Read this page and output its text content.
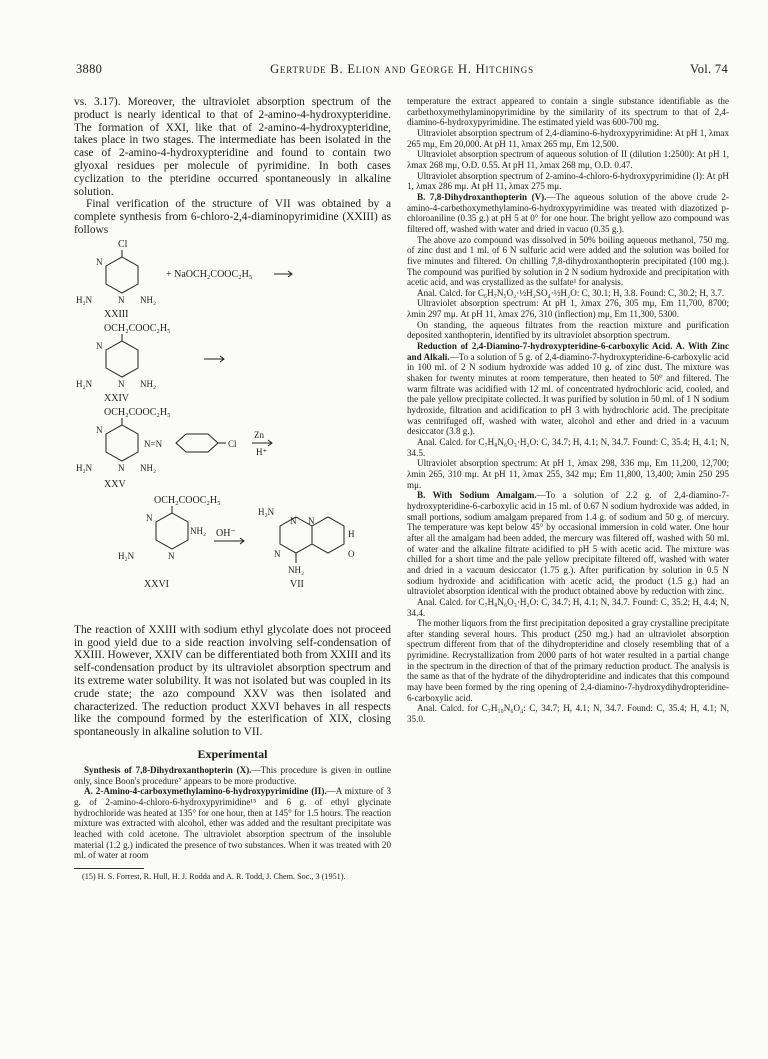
3880	Gertrude B. Elion and George H. Hitchings	Vol. 74

vs. 3.17). Moreover, the ultraviolet absorption spectrum of the product is nearly identical to that of 2-amino-4-hydroxypteridine. The formation of XXI, like that of 2-amino-4-hydroxypteridine, takes place in two stages. The intermediate has been isolated in the case of 2-amino-4-hydroxypteridine and found to contain two glyoxal residues per molecule of pyrimidine. In both cases cyclization to the pteridine occurred spontaneously in alkaline solution.

Final verification of the structure of VII was obtained by a complete synthesis from 6-chloro-2,4-diaminopyrimidine (XXIII) as follows

Cl
N
N
H₂N	NH₂
+ NaOCH₂COOC₂H₅
XXIII
OCH₂COOC₂H₅
N
N
H₂N	NH₂
XXIV
OCH₂COOC₂H₅
N
N
H₂N	NH₂
N=N	Cl
Zn
H⁺
XXV
OCH₂COOC₂H₅
N
N
NH₂
H₂N
OH⁻
XXVI
H₂N
N N
H
O
N
NH₂
VII

The reaction of XXIII with sodium ethyl glycolate does not proceed in good yield due to a side reaction involving self-condensation of XXIII. However, XXIV can be differentiated both from XXIII and its self-condensation product by its ultraviolet absorption spectrum and its extreme water solubility. It was not isolated but was coupled in its crude state; the azo compound XXV was then isolated and characterized. The reduction product XXVI behaves in all respects like the compound formed by the esterification of XIX, closing spontaneously in alkaline solution to VII.

Experimental

Synthesis of 7,8-Dihydroxanthopterin (X).—This procedure is given in outline only, since Boon's procedure⁷ appears to be more productive.

A. 2-Amino-4-carboxymethylamino-6-hydroxypyrimidine (II).—A mixture of 3 g. of 2-amino-4-chloro-6-hydroxypyrimidine¹⁵ and 6 g. of ethyl glycinate hydrochloride was heated at 135° for one hour, then at 145° for 1.5 hours. The reaction mixture was extracted with alcohol, ether was added and the resultant precipitate was leached with cold acetone. The ultraviolet absorption spectrum of the insoluble material (1.2 g.) indicated the presence of two substances. When it was treated with 20 ml. of water at room

(15) H. S. Forrest, R. Hull, H. J. Rodda and A. R. Todd, J. Chem. Soc., 3 (1951).

temperature the extract appeared to contain a single substance identifiable as the carbethoxymethylaminopyrimidine by the similarity of its spectrum to that of 2,4-diamino-6-hydroxypyrimidine. The estimated yield was 600-700 mg.

Ultraviolet absorption spectrum of 2,4-diamino-6-hydroxypyrimidine: At pH 1, λmax 265 mμ, Em 20,000. At pH 11, λmax 265 mμ, Em 12,500.

Ultraviolet absorption spectrum of aqueous solution of II (dilution 1:2500): At pH 1, λmax 268 mμ, O.D. 0.55. At pH 11, λmax 268 mμ, O.D. 0.47.

Ultraviolet absorption spectrum of 2-amino-4-chloro-6-hydroxypyrimidine (I): At pH 1, λmax 286 mμ. At pH 11, λmax 275 mμ.

B. 7,8-Dihydroxanthopterin (V).—The aqueous solution of the above crude 2-amino-4-carbethoxymethylamino-6-hydroxypyrimidine was treated with diazotized p-chloroaniline (0.35 g.) at pH 5 at 0° for one hour. The bright yellow azo compound was filtered off, washed with water and dried in vacuo (0.35 g.).

The above azo compound was dissolved in 50% boiling aqueous methanol, 750 mg. of zinc dust and 1 ml. of 6 N sulfuric acid were added and the solution was boiled for five minutes and filtered. On chilling 7,8-dihydroxanthopterin precipitated (100 mg.). The compound was purified by solution in 2 N sodium hydroxide and precipitation with acetic acid, and was crystallized as the sulfate¹ for analysis.

Anal. Calcd. for C₆H₇N₅O₂·½H₂SO₄·½H₂O: C, 30.1; H, 3.8. Found: C, 30.2; H, 3.7.

Ultraviolet absorption spectrum: At pH 1, λmax 276, 305 mμ, Em 11,700, 8700; λmin 297 mμ. At pH 11, λmax 276, 310 (inflection) mμ, Em 11,300, 5300.

On standing, the aqueous filtrates from the reaction mixture and purification deposited xanthopterin, identified by its ultraviolet absorption spectrum.

Reduction of 2,4-Diamino-7-hydroxypteridine-6-carboxylic Acid. A. With Zinc and Alkali.—To a solution of 5 g. of 2,4-diamino-7-hydroxypteridine-6-carboxylic acid in 100 ml. of 2 N sodium hydroxide was added 10 g. of zinc dust. The mixture was shaken for twenty minutes at room temperature, then heated to 50° and filtered. The warm filtrate was acidified with 12 ml. of concentrated hydrochloric acid, cooled, and the pale yellow precipitate collected. It was purified by solution in 50 ml. of 1 N sodium hydroxide, filtration and acidification to pH 3 with hydrochloric acid. The precipitate was centrifuged off, washed with water, alcohol and ether and dried in a vacuum desiccator (3.8 g.).

Anal. Calcd. for C₇H₈N₆O₃·H₂O: C, 34.7; H, 4.1; N, 34.7. Found: C, 35.4; H, 4.1; N, 34.5.

Ultraviolet absorption spectrum: At pH 1, λmax 298, 336 mμ, Em 11,200, 12,700; λmin 265, 310 mμ. At pH 11, λmax 255, 342 mμ; Em 11,800, 13,400; λmin 250 295 mμ.

B. With Sodium Amalgam.—To a solution of 2.2 g. of 2,4-diamino-7-hydroxypteridine-6-carboxylic acid in 15 ml. of 0.67 N sodium hydroxide was added, in small portions, sodium amalgam prepared from 1.4 g. of sodium and 50 g. of mercury. The temperature was kept below 45° by occasional immersion in cold water. One hour after all the amalgam had been added, the mercury was filtered off, washed with 50 ml. of water and the alkaline filtrate acidified to pH 5 with acetic acid. The mixture was chilled for a short time and the pale yellow precipitate filtered off, washed with water and dried in a vacuum desiccator (1.75 g.). After purification by solution in 0.5 N sodium hydroxide and acidification with acetic acid, the product (1.5 g.) had an ultraviolet absorption identical with the product obtained above by reduction with zinc.

Anal. Calcd. for C₇H₈N₆O₃·H₂O: C, 34.7; H, 4.1; N, 34.7. Found: C, 35.2; H, 4.4; N, 34.4.

The mother liquors from the first precipitation deposited a gray crystalline precipitate after standing several hours. This product (250 mg.) had an ultraviolet absorption spectrum different from that of the dihydropteridine and closely resembling that of a pyrimidine. Recrystallization from 2000 parts of hot water resulted in a partial change in the spectrum in the direction of that of the primary reduction product. The analysis is the same as that of the hydrate of the dihydropteridine and indicates that this compound may have been formed by the ring opening of 2,4-diamino-7-hydroxydihydropteridine-6-carboxylic acid.

Anal. Calcd. for C₇H₁₀N₆O₄: C, 34.7; H, 4.1; N, 34.7. Found: C, 35.4; H, 4.1; N, 35.0.
